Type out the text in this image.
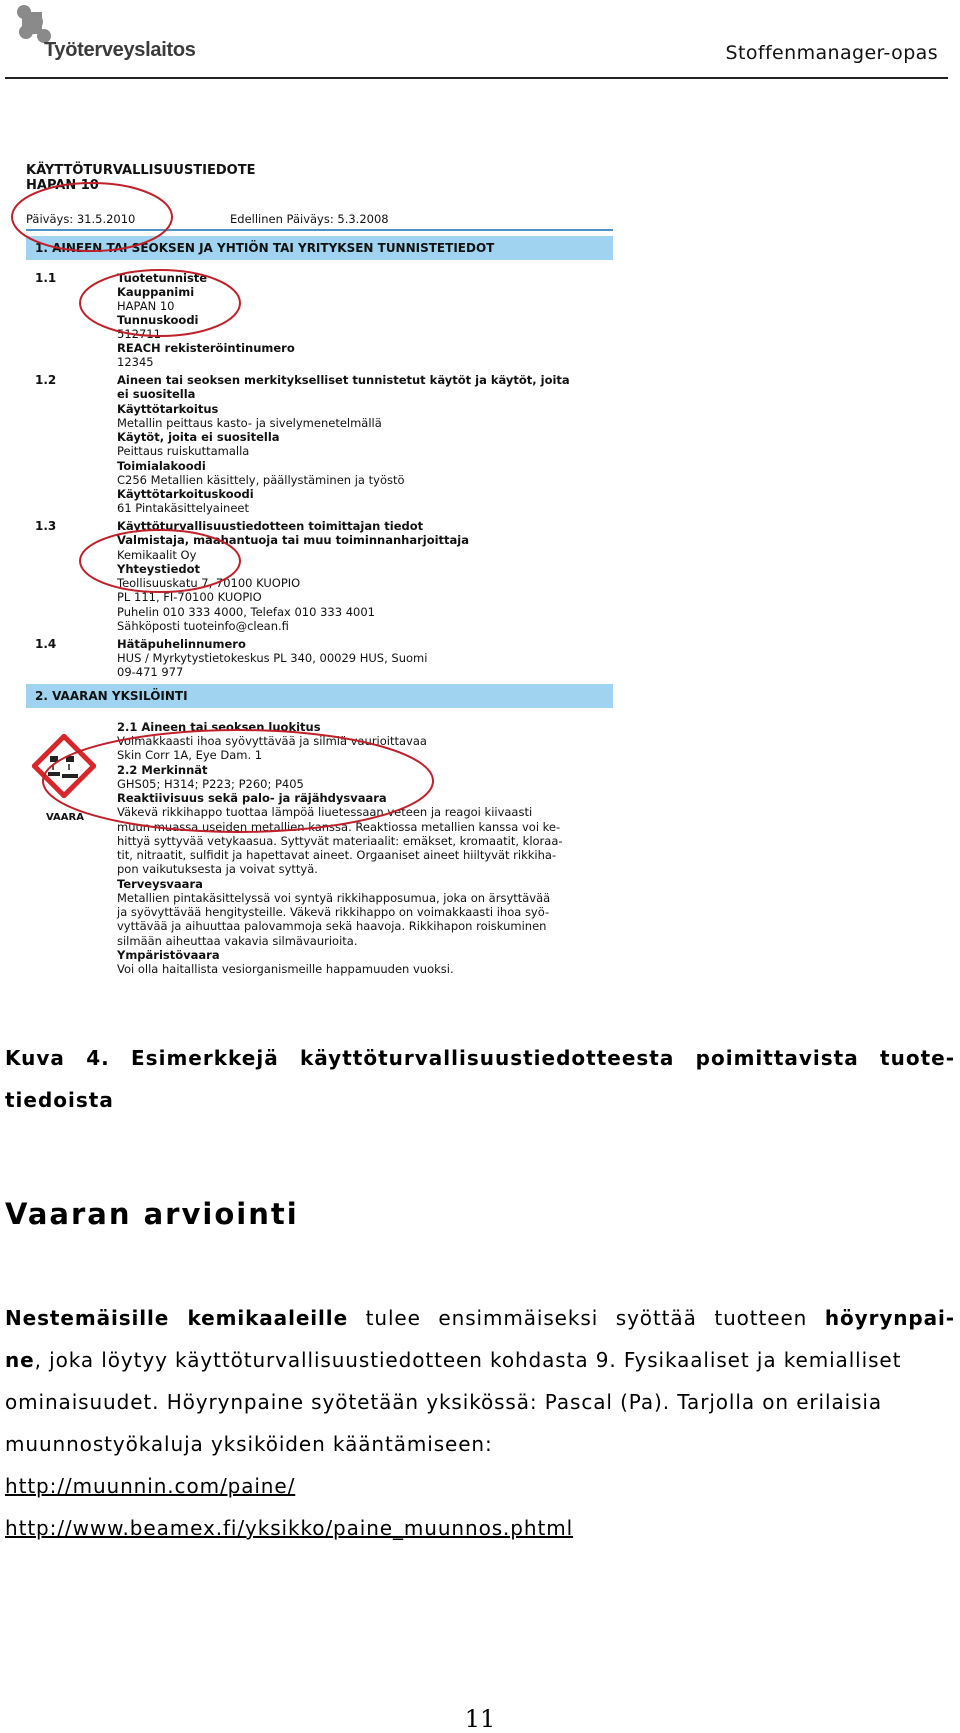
Työterveyslaitos	Stoffenmanager-opas
KÄYTTÖTURVALLISUUSTIEDOTE
HAPAN 10
Päiväys: 31.5.2010	Edellinen Päiväys: 5.3.2008
1. AINEEN TAI SEOKSEN JA YHTIÖN TAI YRITYKSEN TUNNISTETIEDOT
1.1	Tuotetunniste
Kauppanimi
HAPAN 10
Tunnuskoodi
512711
REACH rekisteröintinumero
12345
1.2	Aineen tai seoksen merkitykselliset tunnistetut käytöt ja käytöt, joita
ei suositella
Käyttötarkoitus
Metallin peittaus kasto- ja sivelymenetelmällä
Käytöt, joita ei suositella
Peittaus ruiskuttamalla
Toimialakoodi
C256 Metallien käsittely, päällystäminen ja työstö
Käyttötarkoituskoodi
61 Pintakäsittelyaineet
1.3	Käyttöturvallisuustiedotteen toimittajan tiedot
Valmistaja, maahantuoja tai muu toiminnanharjoittaja
Kemikaalit Oy
Yhteystiedot
Teollisuuskatu 7, 70100 KUOPIO
PL 111, FI-70100 KUOPIO
Puhelin 010 333 4000, Telefax 010 333 4001
Sähköposti tuoteinfo@clean.fi
1.4	Hätäpuhelinnumero
HUS / Myrkytystietokeskus PL 340, 00029 HUS, Suomi
09-471 977
2. VAARAN YKSILÖINTI
VAARA
2.1 Aineen tai seoksen luokitus
Voimakkaasti ihoa syövyttävää ja silmiä vaurioittavaa
Skin Corr 1A, Eye Dam. 1
2.2 Merkinnät
GHS05; H314; P223; P260; P405
Reaktiivisuus sekä palo- ja räjähdysvaara
Väkevä rikkihappo tuottaa lämpöä liuetessaan veteen ja reagoi kiivaasti
muun muassa useiden metallien kanssa. Reaktiossa metallien kanssa voi ke-
hittyä syttyvää vetykaasua. Syttyvät materiaalit: emäkset, kromaatit, kloraa-
tit, nitraatit, sulfidit ja hapettavat aineet. Orgaaniset aineet hiiltyvät rikkiha-
pon vaikutuksesta ja voivat syttyä.
Terveysvaara
Metallien pintakäsittelyssä voi syntyä rikkihapposumua, joka on ärsyttävää
ja syövyttävää hengitysteille. Väkevä rikkihappo on voimakkaasti ihoa syö-
vyttävää ja aihuuttaa palovammoja sekä haavoja. Rikkihapon roiskuminen
silmään aiheuttaa vakavia silmävaurioita.
Ympäristövaara
Voi olla haitallista vesiorganismeille happamuuden vuoksi.
Kuva 4. Esimerkkejä käyttöturvallisuustiedotteesta poimittavista tuote-
tiedoista
Vaaran arviointi
Nestemäisille kemikaaleille tulee ensimmäiseksi syöttää tuotteen höyrynpai-
ne, joka löytyy käyttöturvallisuustiedotteen kohdasta 9. Fysikaaliset ja kemialliset
ominaisuudet. Höyrynpaine syötetään yksikössä: Pascal (Pa). Tarjolla on erilaisia
muunnostyökaluja yksiköiden kääntämiseen:
http://muunnin.com/paine/
http://www.beamex.fi/yksikko/paine_muunnos.phtml
11
